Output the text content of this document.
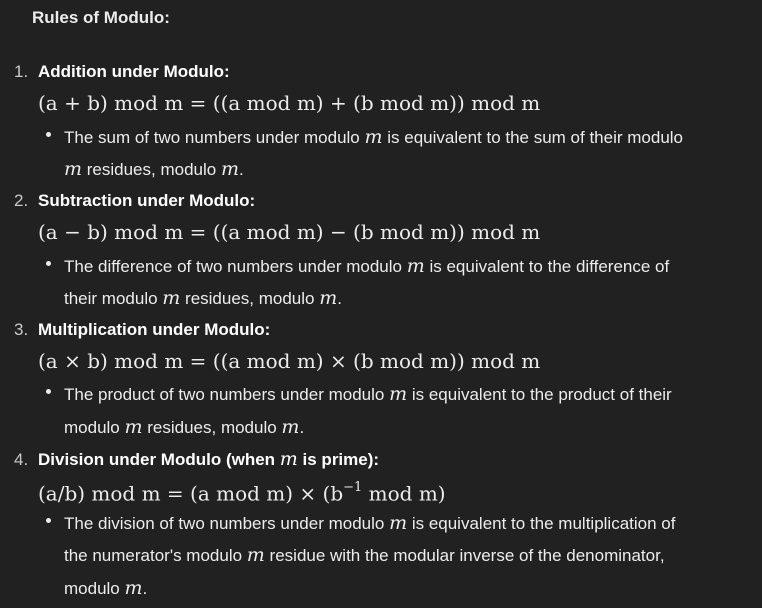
Rules of Modulo:
1. Addition under Modulo:
(a + b) mod m = ((a mod m) + (b mod m)) mod m
The sum of two numbers under modulo m is equivalent to the sum of their modulo
m residues, modulo m.
2. Subtraction under Modulo:
(a − b) mod m = ((a mod m) − (b mod m)) mod m
The difference of two numbers under modulo m is equivalent to the difference of
their modulo m residues, modulo m.
3. Multiplication under Modulo:
(a × b) mod m = ((a mod m) × (b mod m)) mod m
The product of two numbers under modulo m is equivalent to the product of their
modulo m residues, modulo m.
4. Division under Modulo (when m is prime):
(a/b) mod m = (a mod $m) \times (b^{-1}$ mod m)
The division of two numbers under modulo m is equivalent to the multiplication of
the numerator's modulo m residue with the modular inverse of the denominator,
modulo m.
